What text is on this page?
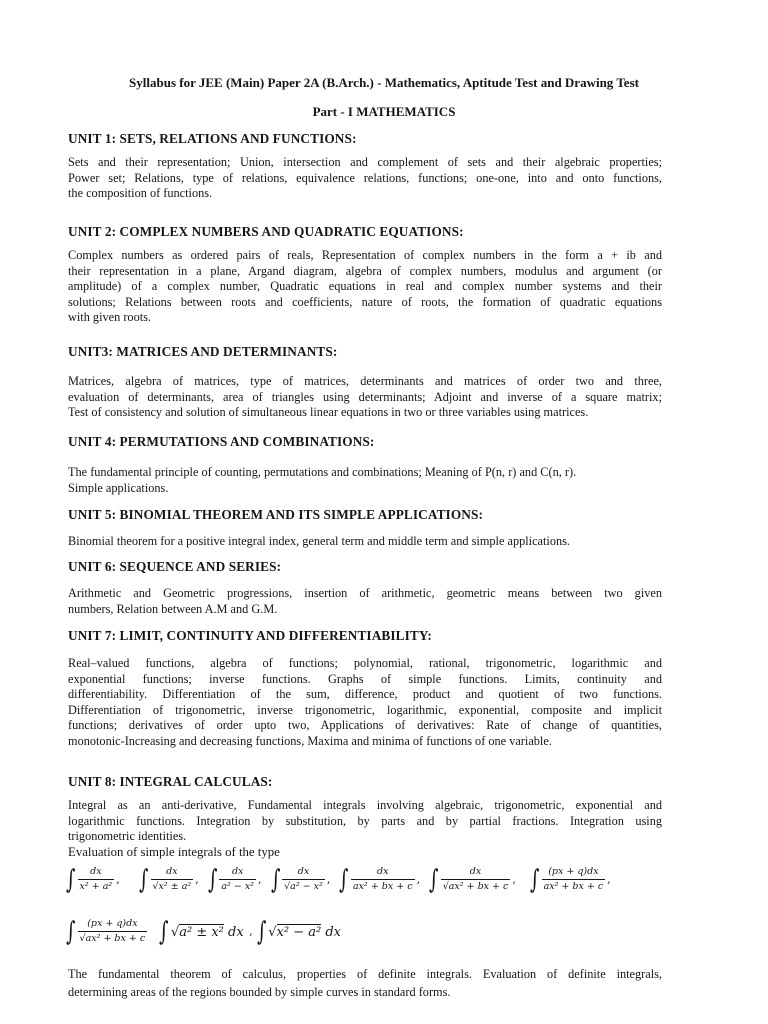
Syllabus for JEE (Main) Paper 2A (B.Arch.) - Mathematics, Aptitude Test and Drawing Test
Part - I MATHEMATICS
UNIT 1: SETS, RELATIONS AND FUNCTIONS:
Sets and their representation; Union, intersection and complement of sets and their algebraic properties;
Power set; Relations, type of relations, equivalence relations, functions; one-one, into and onto functions,
the composition of functions.
UNIT 2: COMPLEX NUMBERS AND QUADRATIC EQUATIONS:
Complex numbers as ordered pairs of reals, Representation of complex numbers in the form a + ib and
their representation in a plane, Argand diagram, algebra of complex numbers, modulus and argument (or
amplitude) of a complex number, Quadratic equations in real and complex number systems and their
solutions; Relations between roots and coefficients, nature of roots, the formation of quadratic equations
with given roots.
UNIT3: MATRICES AND DETERMINANTS:
Matrices, algebra of matrices, type of matrices, determinants and matrices of order two and three,
evaluation of determinants, area of triangles using determinants; Adjoint and inverse of a square matrix;
Test of consistency and solution of simultaneous linear equations in two or three variables using matrices.
UNIT 4: PERMUTATIONS AND COMBINATIONS:
The fundamental principle of counting, permutations and combinations; Meaning of P(n, r) and C(n, r).
Simple applications.
UNIT 5: BINOMIAL THEOREM AND ITS SIMPLE APPLICATIONS:
Binomial theorem for a positive integral index, general term and middle term and simple applications.
UNIT 6: SEQUENCE AND SERIES:
Arithmetic and Geometric progressions, insertion of arithmetic, geometric means between two given
numbers, Relation between A.M and G.M.
UNIT 7: LIMIT, CONTINUITY AND DIFFERENTIABILITY:
Real–valued functions, algebra of functions; polynomial, rational, trigonometric, logarithmic and
exponential functions; inverse functions. Graphs of simple functions. Limits, continuity and
differentiability. Differentiation of the sum, difference, product and quotient of two functions.
Differentiation of trigonometric, inverse trigonometric, logarithmic, exponential, composite and implicit
functions; derivatives of order upto two, Applications of derivatives: Rate of change of quantities,
monotonic-Increasing and decreasing functions, Maxima and minima of functions of one variable.
UNIT 8: INTEGRAL CALCULAS:
Integral as an anti-derivative, Fundamental integrals involving algebraic, trigonometric, exponential and
logarithmic functions. Integration by substitution, by parts and by partial fractions. Integration using
trigonometric identities.
Evaluation of simple integrals of the type
∫ $\frac{dx}{\text{x² + a²}}$ , ∫ $\frac{dx}{\text{√x² ± a²}}$ , ∫ $\frac{dx}{\text{a² − x²}}$ , ∫ $\frac{dx}{\text{√a² − x²}}$ , ∫ $\frac{dx}{\text{ax² + bx + c}}$ , ∫ $\frac{dx}{\text{√ax² + bx + c}}$ , ∫ $\frac{(px + q)dx}{\text{ax² + bx + c}}$ ,
∫ $\frac{(px + q)dx}{\text{√ax² + bx + c}}$ ∫ √a² ± x² dx , ∫ √x² − a² dx
The fundamental theorem of calculus, properties of definite integrals. Evaluation of definite integrals,
determining areas of the regions bounded by simple curves in standard forms.
